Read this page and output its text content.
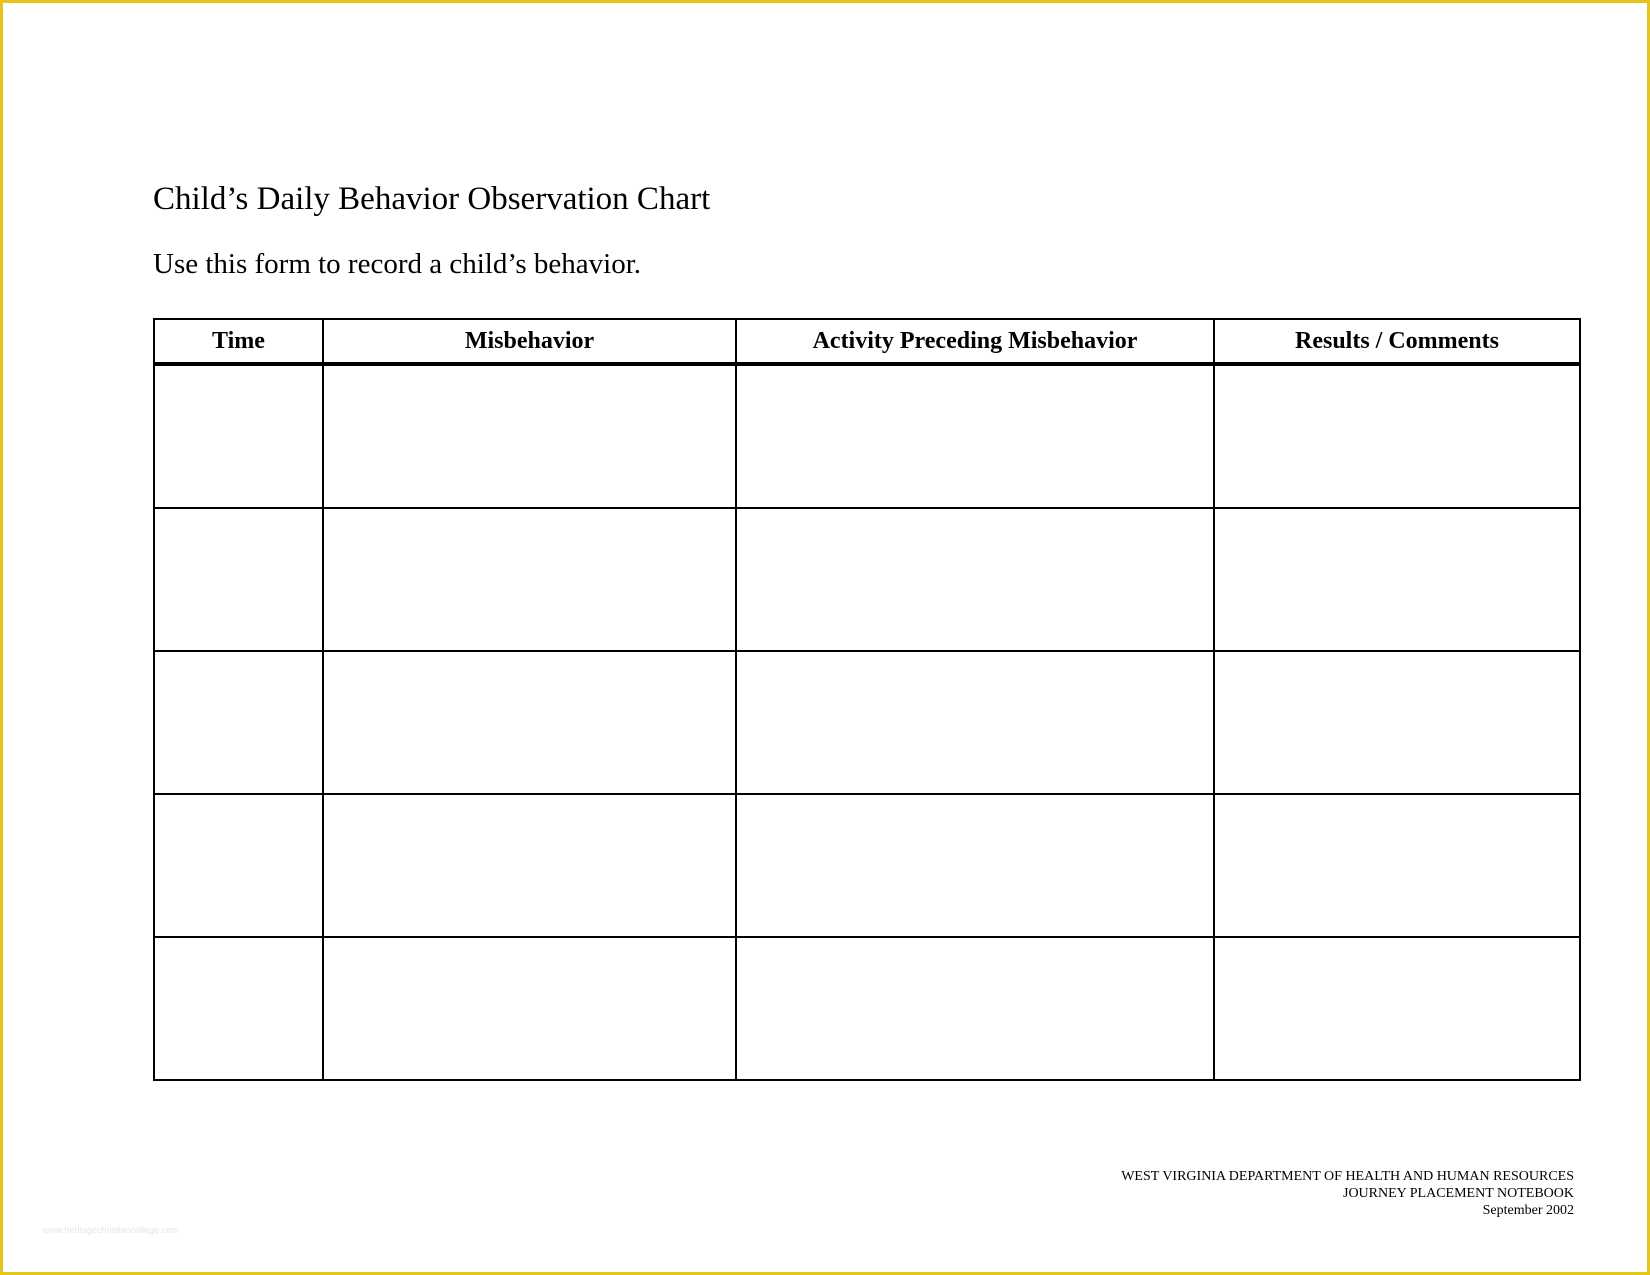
Child’s Daily Behavior Observation Chart

Use this form to record a child’s behavior.

Time	Misbehavior	Activity Preceding Misbehavior	Results / Comments

WEST VIRGINIA DEPARTMENT OF HEALTH AND HUMAN RESOURCES
JOURNEY PLACEMENT NOTEBOOK
September 2002
www.heritagechristiancollege.com
